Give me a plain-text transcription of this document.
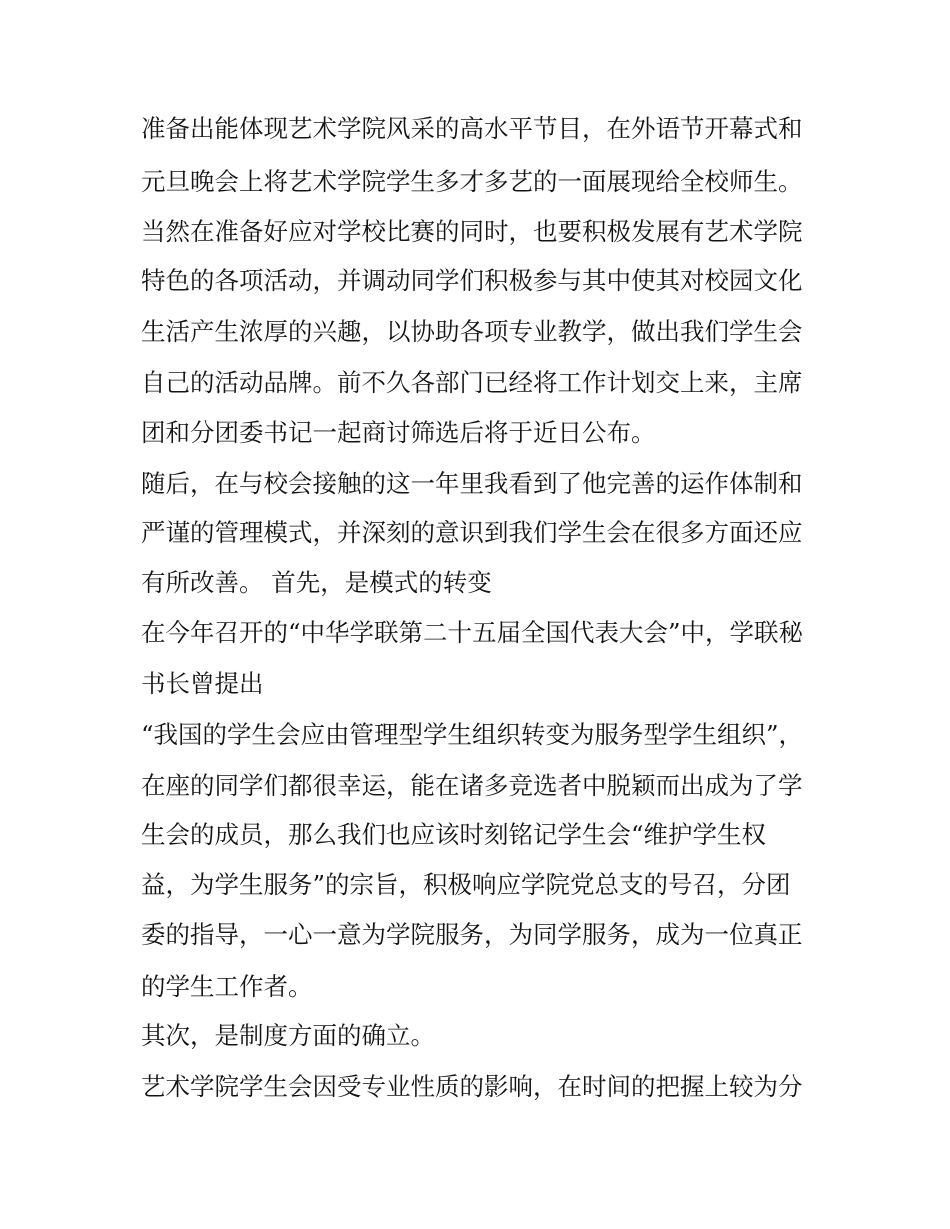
准备出能体现艺术学院风采的高水平节目，在外语节开幕式和
元旦晚会上将艺术学院学生多才多艺的一面展现给全校师生。
当然在准备好应对学校比赛的同时，也要积极发展有艺术学院
特色的各项活动，并调动同学们积极参与其中使其对校园文化
生活产生浓厚的兴趣，以协助各项专业教学，做出我们学生会
自己的活动品牌。前不久各部门已经将工作计划交上来，主席
团和分团委书记一起商讨筛选后将于近日公布。
随后，在与校会接触的这一年里我看到了他完善的运作体制和
严谨的管理模式，并深刻的意识到我们学生会在很多方面还应
有所改善。 首先，是模式的转变
在今年召开的“中华学联第二十五届全国代表大会”中，学联秘
书长曾提出
“我国的学生会应由管理型学生组织转变为服务型学生组织”，
在座的同学们都很幸运，能在诸多竞选者中脱颖而出成为了学
生会的成员，那么我们也应该时刻铭记学生会“维护学生权
益，为学生服务”的宗旨，积极响应学院党总支的号召，分团
委的指导，一心一意为学院服务，为同学服务，成为一位真正
的学生工作者。
其次，是制度方面的确立。
艺术学院学生会因受专业性质的影响，在时间的把握上较为分
